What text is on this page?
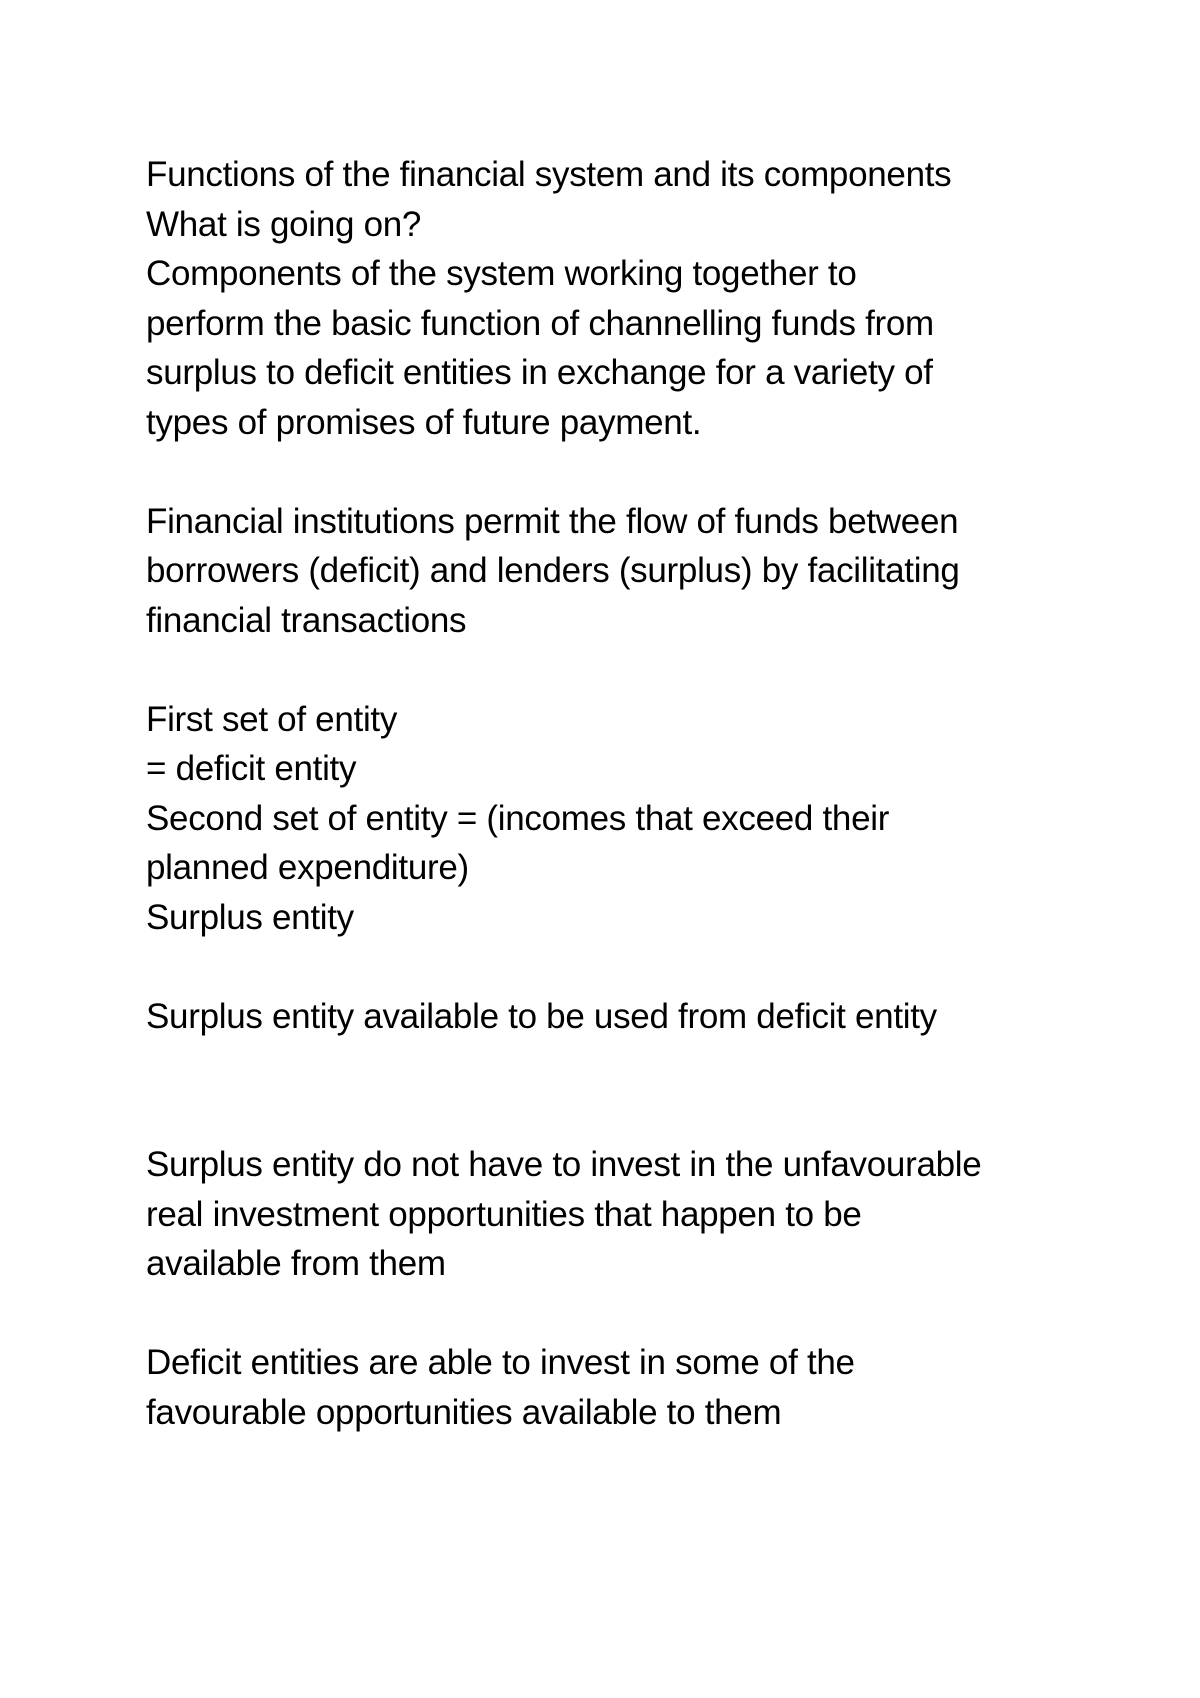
Functions of the financial system and its components
What is going on?
Components of the system working together to
perform the basic function of channelling funds from
surplus to deficit entities in exchange for a variety of
types of promises of future payment.
Financial institutions permit the flow of funds between
borrowers (deficit) and lenders (surplus) by facilitating
financial transactions
First set of entity
= deficit entity
Second set of entity = (incomes that exceed their
planned expenditure)
Surplus entity
Surplus entity available to be used from deficit entity
Surplus entity do not have to invest in the unfavourable
real investment opportunities that happen to be
available from them
Deficit entities are able to invest in some of the
favourable opportunities available to them
